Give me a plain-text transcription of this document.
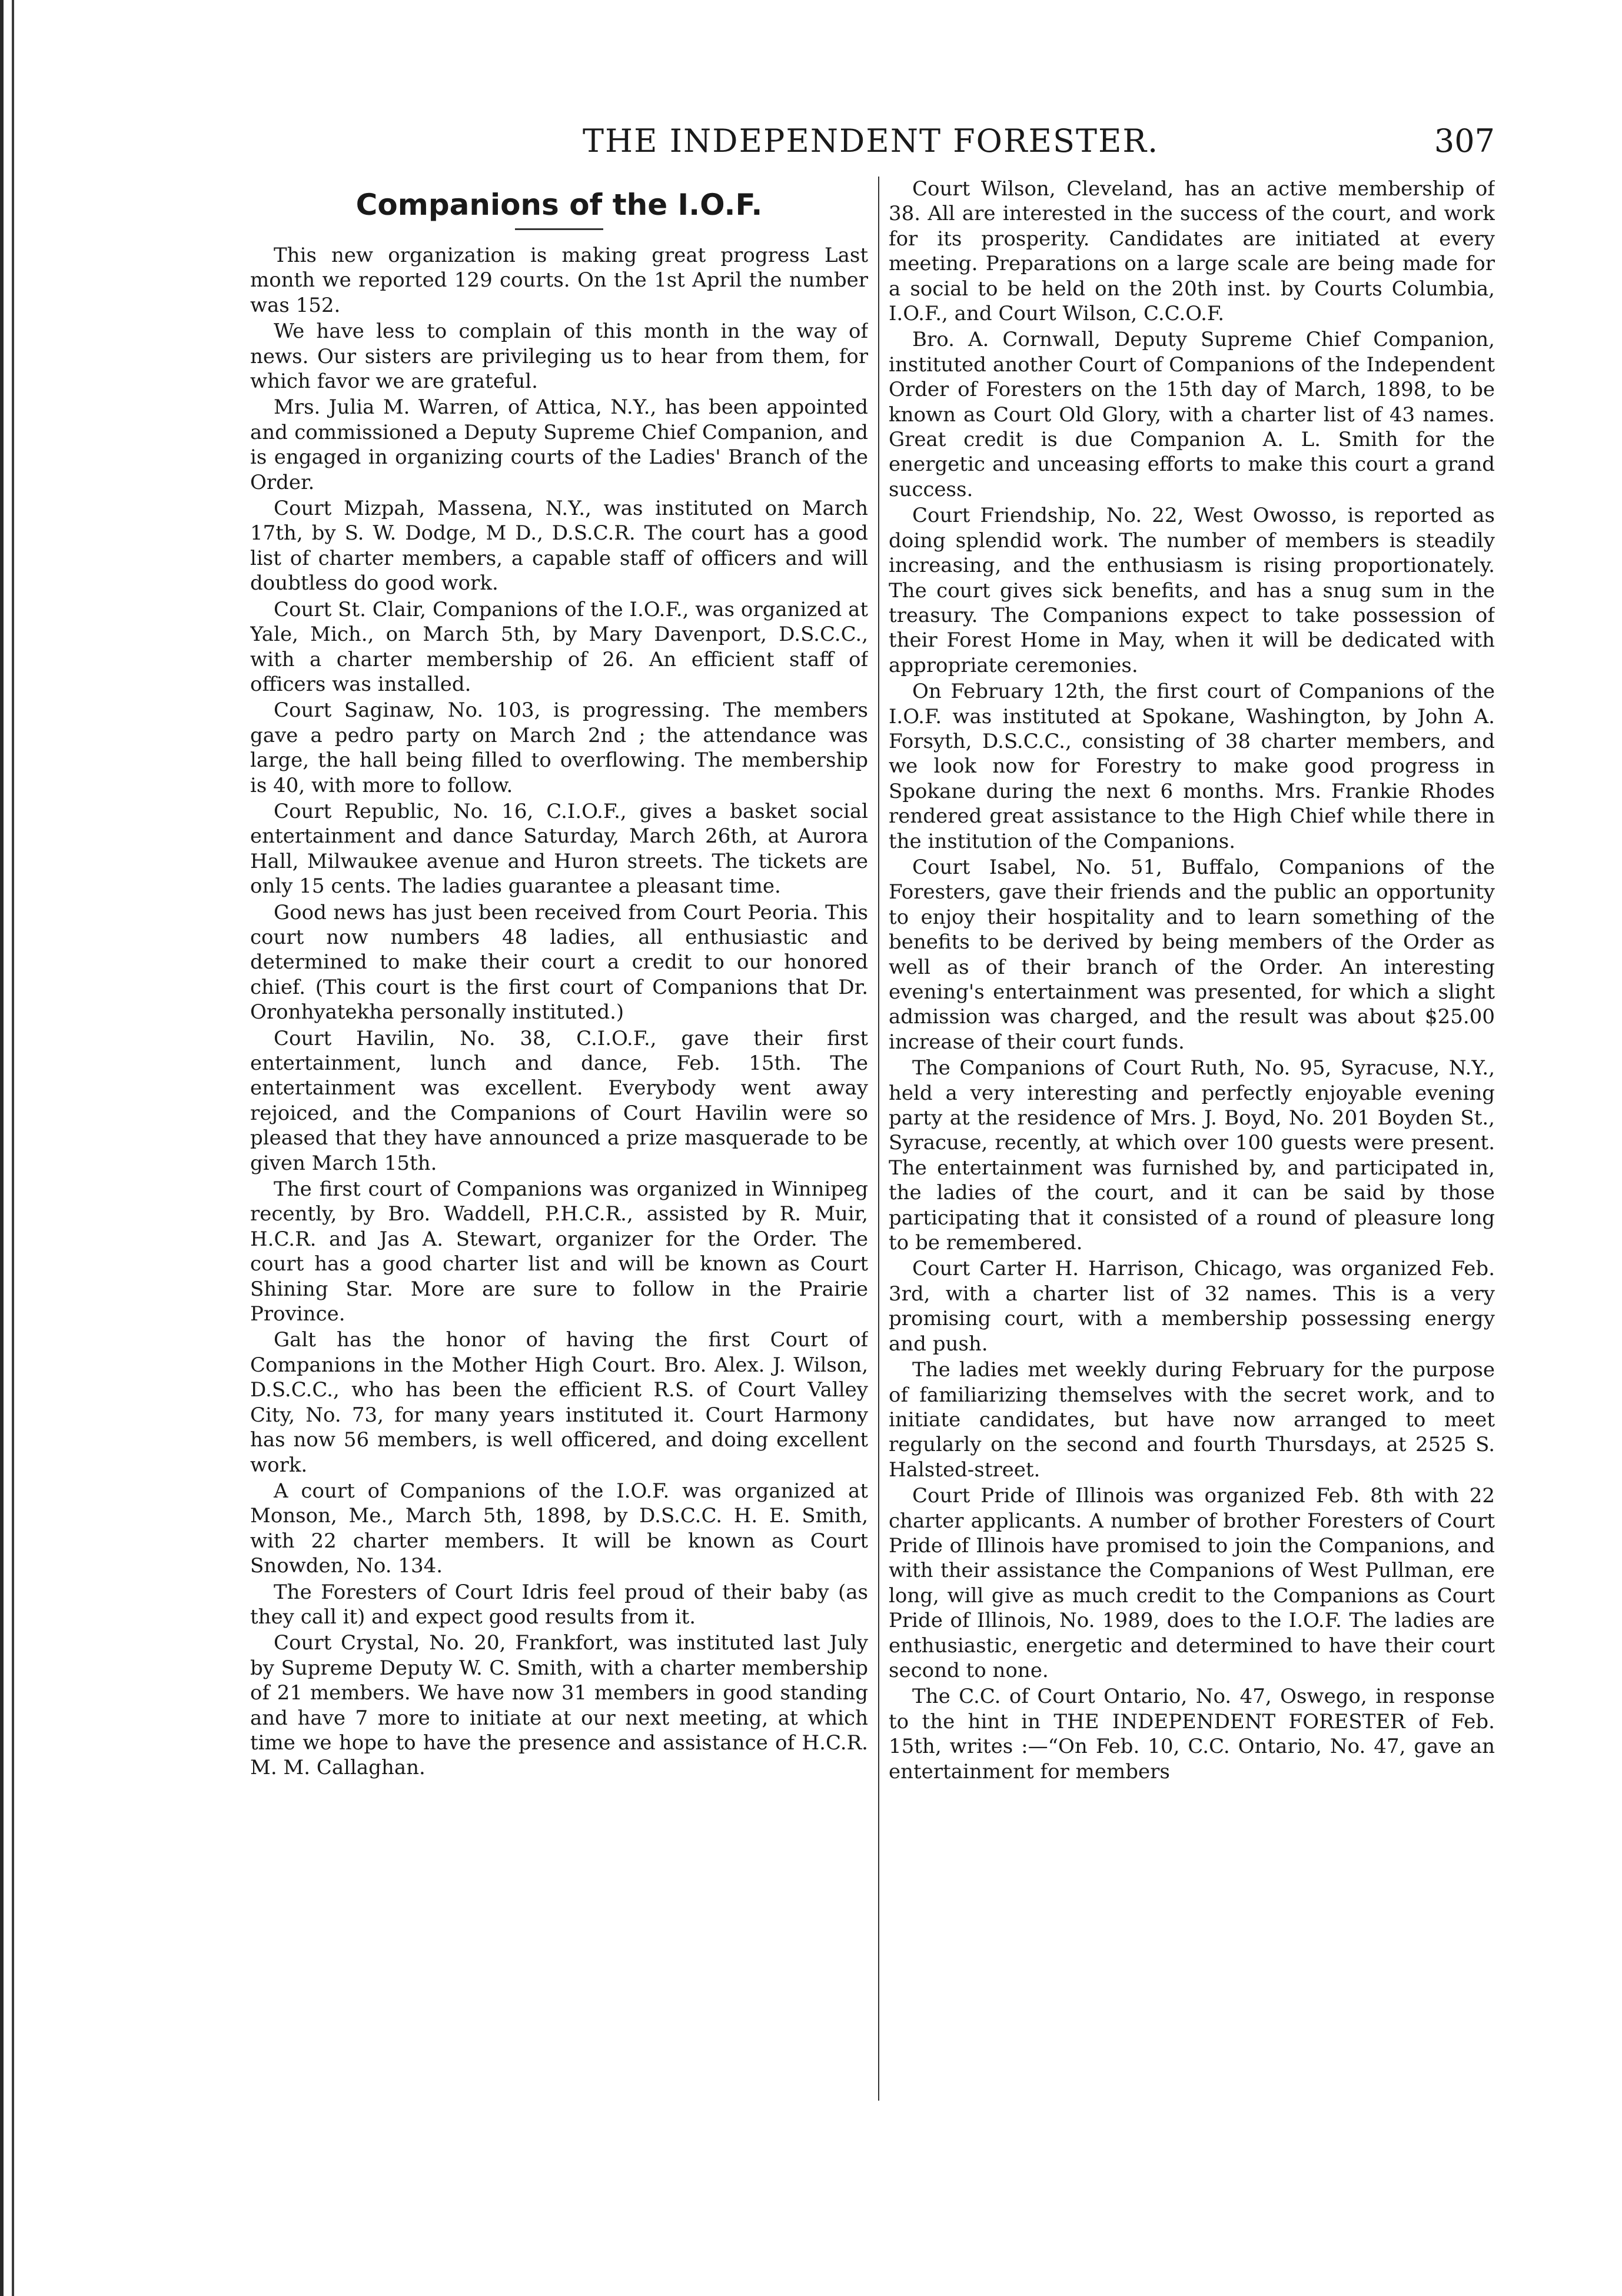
THE INDEPENDENT FORESTER.	307
Companions of the I.O.F.

This new organization is making great progress Last month we reported 129 courts. On the 1st April the number was 152.

We have less to complain of this month in the way of news. Our sisters are privileging us to hear from them, for which favor we are grateful.

Mrs. Julia M. Warren, of Attica, N.Y., has been appointed and commissioned a Deputy Supreme Chief Companion, and is engaged in organizing courts of the Ladies' Branch of the Order.

Court Mizpah, Massena, N.Y., was instituted on March 17th, by S. W. Dodge, M D., D.S.C.R. The court has a good list of charter members, a capable staff of officers and will doubtless do good work.

Court St. Clair, Companions of the I.O.F., was organized at Yale, Mich., on March 5th, by Mary Davenport, D.S.C.C., with a charter membership of 26. An efficient staff of officers was installed.

Court Saginaw, No. 103, is progressing. The members gave a pedro party on March 2nd ; the attendance was large, the hall being filled to overflowing. The membership is 40, with more to follow.

Court Republic, No. 16, C.I.O.F., gives a basket social entertainment and dance Saturday, March 26th, at Aurora Hall, Milwaukee avenue and Huron streets. The tickets are only 15 cents. The ladies guarantee a pleasant time.

Good news has just been received from Court Peoria. This court now numbers 48 ladies, all enthusiastic and determined to make their court a credit to our honored chief. (This court is the first court of Companions that Dr. Oronhyatekha personally instituted.)

Court Havilin, No. 38, C.I.O.F., gave their first entertainment, lunch and dance, Feb. 15th. The entertainment was excellent. Everybody went away rejoiced, and the Companions of Court Havilin were so pleased that they have announced a prize masquerade to be given March 15th.

The first court of Companions was organized in Winnipeg recently, by Bro. Waddell, P.H.C.R., assisted by R. Muir, H.C.R. and Jas A. Stewart, organizer for the Order. The court has a good charter list and will be known as Court Shining Star. More are sure to follow in the Prairie Province.

Galt has the honor of having the first Court of Companions in the Mother High Court. Bro. Alex. J. Wilson, D.S.C.C., who has been the efficient R.S. of Court Valley City, No. 73, for many years instituted it. Court Harmony has now 56 members, is well officered, and doing excellent work.

A court of Companions of the I.O.F. was organized at Monson, Me., March 5th, 1898, by D.S.C.C. H. E. Smith, with 22 charter members. It will be known as Court Snowden, No. 134.

The Foresters of Court Idris feel proud of their baby (as they call it) and expect good results from it.

Court Crystal, No. 20, Frankfort, was instituted last July by Supreme Deputy W. C. Smith, with a charter membership of 21 members. We have now 31 members in good standing and have 7 more to initiate at our next meeting, at which time we hope to have the presence and assistance of H.C.R. M. M. Callaghan.

Court Wilson, Cleveland, has an active membership of 38. All are interested in the success of the court, and work for its prosperity. Candidates are initiated at every meeting. Preparations on a large scale are being made for a social to be held on the 20th inst. by Courts Columbia, I.O.F., and Court Wilson, C.C.O.F.

Bro. A. Cornwall, Deputy Supreme Chief Companion, instituted another Court of Companions of the Independent Order of Foresters on the 15th day of March, 1898, to be known as Court Old Glory, with a charter list of 43 names. Great credit is due Companion A. L. Smith for the energetic and unceasing efforts to make this court a grand success.

Court Friendship, No. 22, West Owosso, is reported as doing splendid work. The number of members is steadily increasing, and the enthusiasm is rising proportionately. The court gives sick benefits, and has a snug sum in the treasury. The Companions expect to take possession of their Forest Home in May, when it will be dedicated with appropriate ceremonies.

On February 12th, the first court of Companions of the I.O.F. was instituted at Spokane, Washington, by John A. Forsyth, D.S.C.C., consisting of 38 charter members, and we look now for Forestry to make good progress in Spokane during the next 6 months. Mrs. Frankie Rhodes rendered great assistance to the High Chief while there in the institution of the Companions.

Court Isabel, No. 51, Buffalo, Companions of the Foresters, gave their friends and the public an opportunity to enjoy their hospitality and to learn something of the benefits to be derived by being members of the Order as well as of their branch of the Order. An interesting evening's entertainment was presented, for which a slight admission was charged, and the result was about $25.00 increase of their court funds.

The Companions of Court Ruth, No. 95, Syracuse, N.Y., held a very interesting and perfectly enjoyable evening party at the residence of Mrs. J. Boyd, No. 201 Boyden St., Syracuse, recently, at which over 100 guests were present. The entertainment was furnished by, and participated in, the ladies of the court, and it can be said by those participating that it consisted of a round of pleasure long to be remembered.

Court Carter H. Harrison, Chicago, was organized Feb. 3rd, with a charter list of 32 names. This is a very promising court, with a membership possessing energy and push.

The ladies met weekly during February for the purpose of familiarizing themselves with the secret work, and to initiate candidates, but have now arranged to meet regularly on the second and fourth Thursdays, at 2525 S. Halsted-street.

Court Pride of Illinois was organized Feb. 8th with 22 charter applicants. A number of brother Foresters of Court Pride of Illinois have promised to join the Companions, and with their assistance the Companions of West Pullman, ere long, will give as much credit to the Companions as Court Pride of Illinois, No. 1989, does to the I.O.F. The ladies are enthusiastic, energetic and determined to have their court second to none.

The C.C. of Court Ontario, No. 47, Oswego, in response to the hint in THE INDEPENDENT FORESTER of Feb. 15th, writes :—“On Feb. 10, C.C. Ontario, No. 47, gave an entertainment for members
